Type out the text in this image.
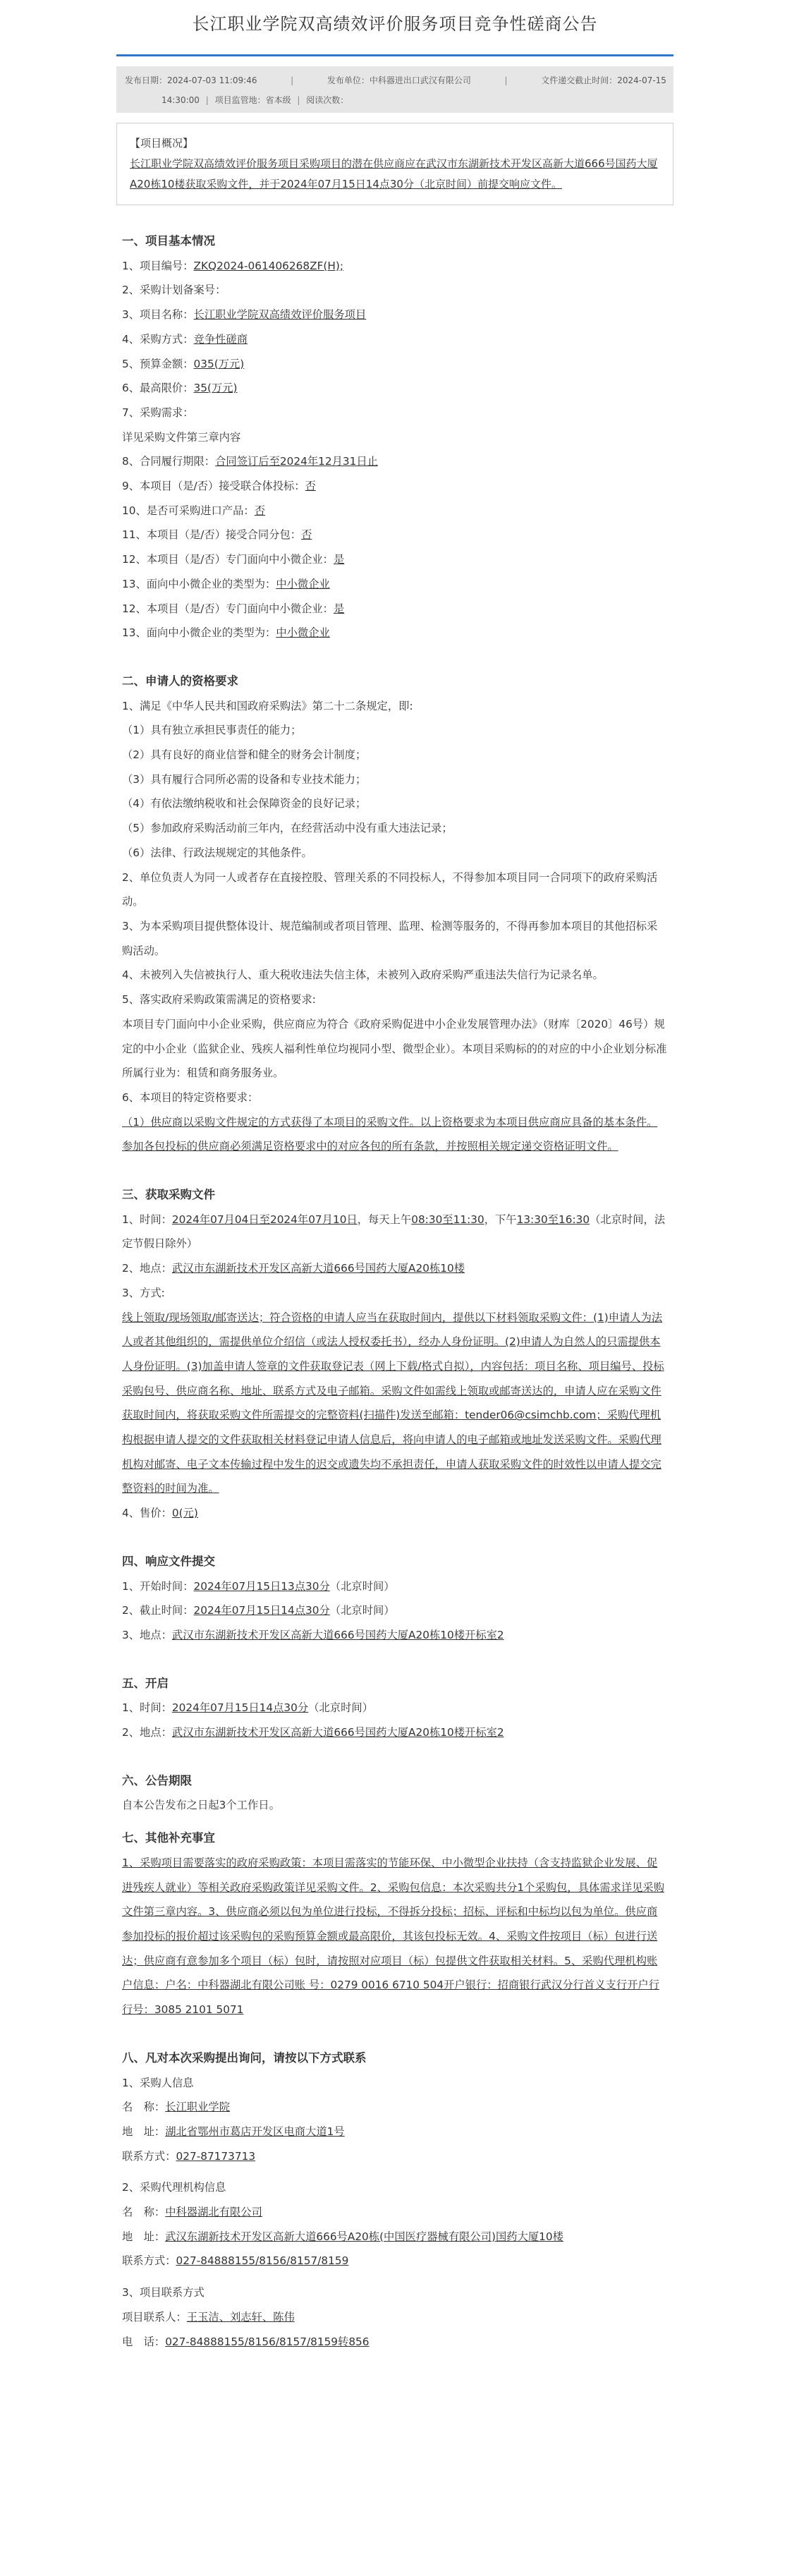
长江职业学院双高绩效评价服务项目竞争性磋商公告
发布日期：2024-07-03 11:09:46	|	发布单位：中科器进出口武汉有限公司	|	文件递交截止时间：2024-07-15
14:30:00 | 项目监管地：省本级 | 阅读次数：
【项目概况】
长江职业学院双高绩效评价服务项目采购项目的潜在供应商应在武汉市东湖新技术开发区高新大道666号国药大厦A20栋10楼获取采购文件，并于2024年07月15日14点30分（北京时间）前提交响应文件。
一、项目基本情况
1、项目编号：ZKQ2024-061406268ZF(H);
2、采购计划备案号：
3、项目名称：长江职业学院双高绩效评价服务项目
4、采购方式：竞争性磋商
5、预算金额：035(万元)
6、最高限价：35(万元)
7、采购需求：
详见采购文件第三章内容
8、合同履行期限：合同签订后至2024年12月31日止
9、本项目（是/否）接受联合体投标：否
10、是否可采购进口产品：否
11、本项目（是/否）接受合同分包：否
12、本项目（是/否）专门面向中小微企业：是
13、面向中小微企业的类型为：中小微企业
12、本项目（是/否）专门面向中小微企业：是
13、面向中小微企业的类型为：中小微企业
二、申请人的资格要求
1、满足《中华人民共和国政府采购法》第二十二条规定，即:
（1）具有独立承担民事责任的能力；
（2）具有良好的商业信誉和健全的财务会计制度；
（3）具有履行合同所必需的设备和专业技术能力；
（4）有依法缴纳税收和社会保障资金的良好记录；
（5）参加政府采购活动前三年内，在经营活动中没有重大违法记录；
（6）法律、行政法规规定的其他条件。
2、单位负责人为同一人或者存在直接控股、管理关系的不同投标人，不得参加本项目同一合同项下的政府采购活动。
3、为本采购项目提供整体设计、规范编制或者项目管理、监理、检测等服务的，不得再参加本项目的其他招标采购活动。
4、未被列入失信被执行人、重大税收违法失信主体，未被列入政府采购严重违法失信行为记录名单。
5、落实政府采购政策需满足的资格要求:
本项目专门面向中小企业采购，供应商应为符合《政府采购促进中小企业发展管理办法》（财库〔2020〕46号）规定的中小企业（监狱企业、残疾人福利性单位均视同小型、微型企业）。本项目采购标的的对应的中小企业划分标准所属行业为：租赁和商务服务业。
6、本项目的特定资格要求：
（1）供应商以采购文件规定的方式获得了本项目的采购文件。以上资格要求为本项目供应商应具备的基本条件。参加各包投标的供应商必须满足资格要求中的对应各包的所有条款，并按照相关规定递交资格证明文件。
三、获取采购文件
1、时间：2024年07月04日至2024年07月10日，每天上午08:30至11:30，下午13:30至16:30（北京时间，法定节假日除外）
2、地点：武汉市东湖新技术开发区高新大道666号国药大厦A20栋10楼
3、方式:
线上领取/现场领取/邮寄送达；符合资格的申请人应当在获取时间内，提供以下材料领取采购文件：(1)申请人为法人或者其他组织的，需提供单位介绍信（或法人授权委托书），经办人身份证明。(2)申请人为自然人的只需提供本人身份证明。(3)加盖申请人签章的文件获取登记表（网上下载/格式自拟），内容包括：项目名称、项目编号、投标采购包号、供应商名称、地址、联系方式及电子邮箱。采购文件如需线上领取或邮寄送达的，申请人应在采购文件获取时间内，将获取采购文件所需提交的完整资料(扫描件)发送至邮箱：tender06@csimchb.com；采购代理机构根据申请人提交的文件获取相关材料登记申请人信息后，将向申请人的电子邮箱或地址发送采购文件。采购代理机构对邮寄、电子文本传输过程中发生的迟交或遗失均不承担责任，申请人获取采购文件的时效性以申请人提交完整资料的时间为准。
4、售价：0(元)
四、响应文件提交
1、开始时间：2024年07月15日13点30分（北京时间）
2、截止时间：2024年07月15日14点30分（北京时间）
3、地点：武汉市东湖新技术开发区高新大道666号国药大厦A20栋10楼开标室2
五、开启
1、时间：2024年07月15日14点30分（北京时间）
2、地点：武汉市东湖新技术开发区高新大道666号国药大厦A20栋10楼开标室2
六、公告期限
自本公告发布之日起3个工作日。
七、其他补充事宜
1、采购项目需要落实的政府采购政策：本项目需落实的节能环保、中小微型企业扶持（含支持监狱企业发展、促进残疾人就业）等相关政府采购政策详见采购文件。2、采购包信息：本次采购共分1个采购包，具体需求详见采购文件第三章内容。3、供应商必须以包为单位进行投标，不得拆分投标；招标、评标和中标均以包为单位。供应商参加投标的报价超过该采购包的采购预算金额或最高限价，其该包投标无效。4、采购文件按项目（标）包进行送达；供应商有意参加多个项目（标）包时，请按照对应项目（标）包提供文件获取相关材料。5、采购代理机构账户信息：户名：中科器湖北有限公司账 号：0279 0016 6710 504开户银行：招商银行武汉分行首义支行开户行行号：3085 2101 5071
八、凡对本次采购提出询问，请按以下方式联系
1、采购人信息
名　称：长江职业学院
地　址：湖北省鄂州市葛店开发区电商大道1号
联系方式：027-87173713
2、采购代理机构信息
名　称：中科器湖北有限公司
地　址：武汉东湖新技术开发区高新大道666号A20栋(中国医疗器械有限公司)国药大厦10楼
联系方式：027-84888155/8156/8157/8159
3、项目联系方式
项目联系人：王玉洁、刘志轩、陈伟
电　话：027-84888155/8156/8157/8159转856
